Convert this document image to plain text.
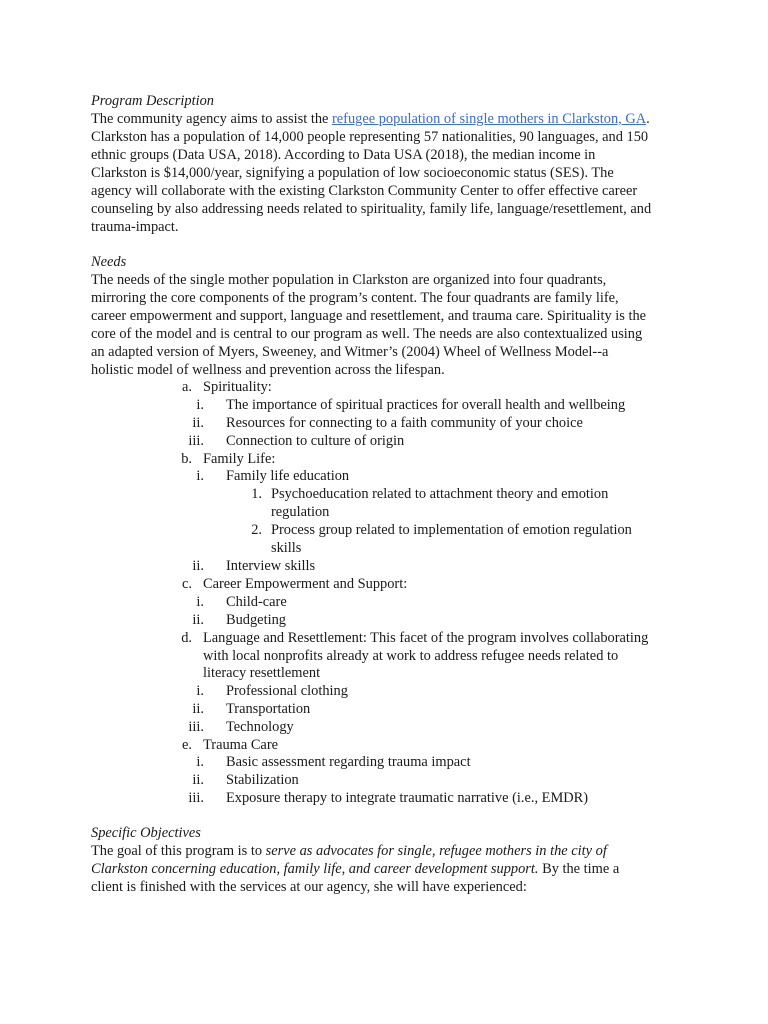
Program Description
The community agency aims to assist the refugee population of single mothers in Clarkston, GA.
Clarkston has a population of 14,000 people representing 57 nationalities, 90 languages, and 150
ethnic groups (Data USA, 2018). According to Data USA (2018), the median income in
Clarkston is $14,000/year, signifying a population of low socioeconomic status (SES). The
agency will collaborate with the existing Clarkston Community Center to offer effective career
counseling by also addressing needs related to spirituality, family life, language/resettlement, and
trauma-impact.
Needs
The needs of the single mother population in Clarkston are organized into four quadrants,
mirroring the core components of the program’s content. The four quadrants are family life,
career empowerment and support, language and resettlement, and trauma care. Spirituality is the
core of the model and is central to our program as well. The needs are also contextualized using
an adapted version of Myers, Sweeney, and Witmer’s (2004) Wheel of Wellness Model--a
holistic model of wellness and prevention across the lifespan.
a. Spirituality:
i. The importance of spiritual practices for overall health and wellbeing
ii. Resources for connecting to a faith community of your choice
iii. Connection to culture of origin
b. Family Life:
i. Family life education
1. Psychoeducation related to attachment theory and emotion
regulation
2. Process group related to implementation of emotion regulation
skills
ii. Interview skills
c. Career Empowerment and Support:
i. Child-care
ii. Budgeting
d. Language and Resettlement: This facet of the program involves collaborating
with local nonprofits already at work to address refugee needs related to
literacy resettlement
i. Professional clothing
ii. Transportation
iii. Technology
e. Trauma Care
i. Basic assessment regarding trauma impact
ii. Stabilization
iii. Exposure therapy to integrate traumatic narrative (i.e., EMDR)
Specific Objectives
The goal of this program is to serve as advocates for single, refugee mothers in the city of
Clarkston concerning education, family life, and career development support. By the time a
client is finished with the services at our agency, she will have experienced:
